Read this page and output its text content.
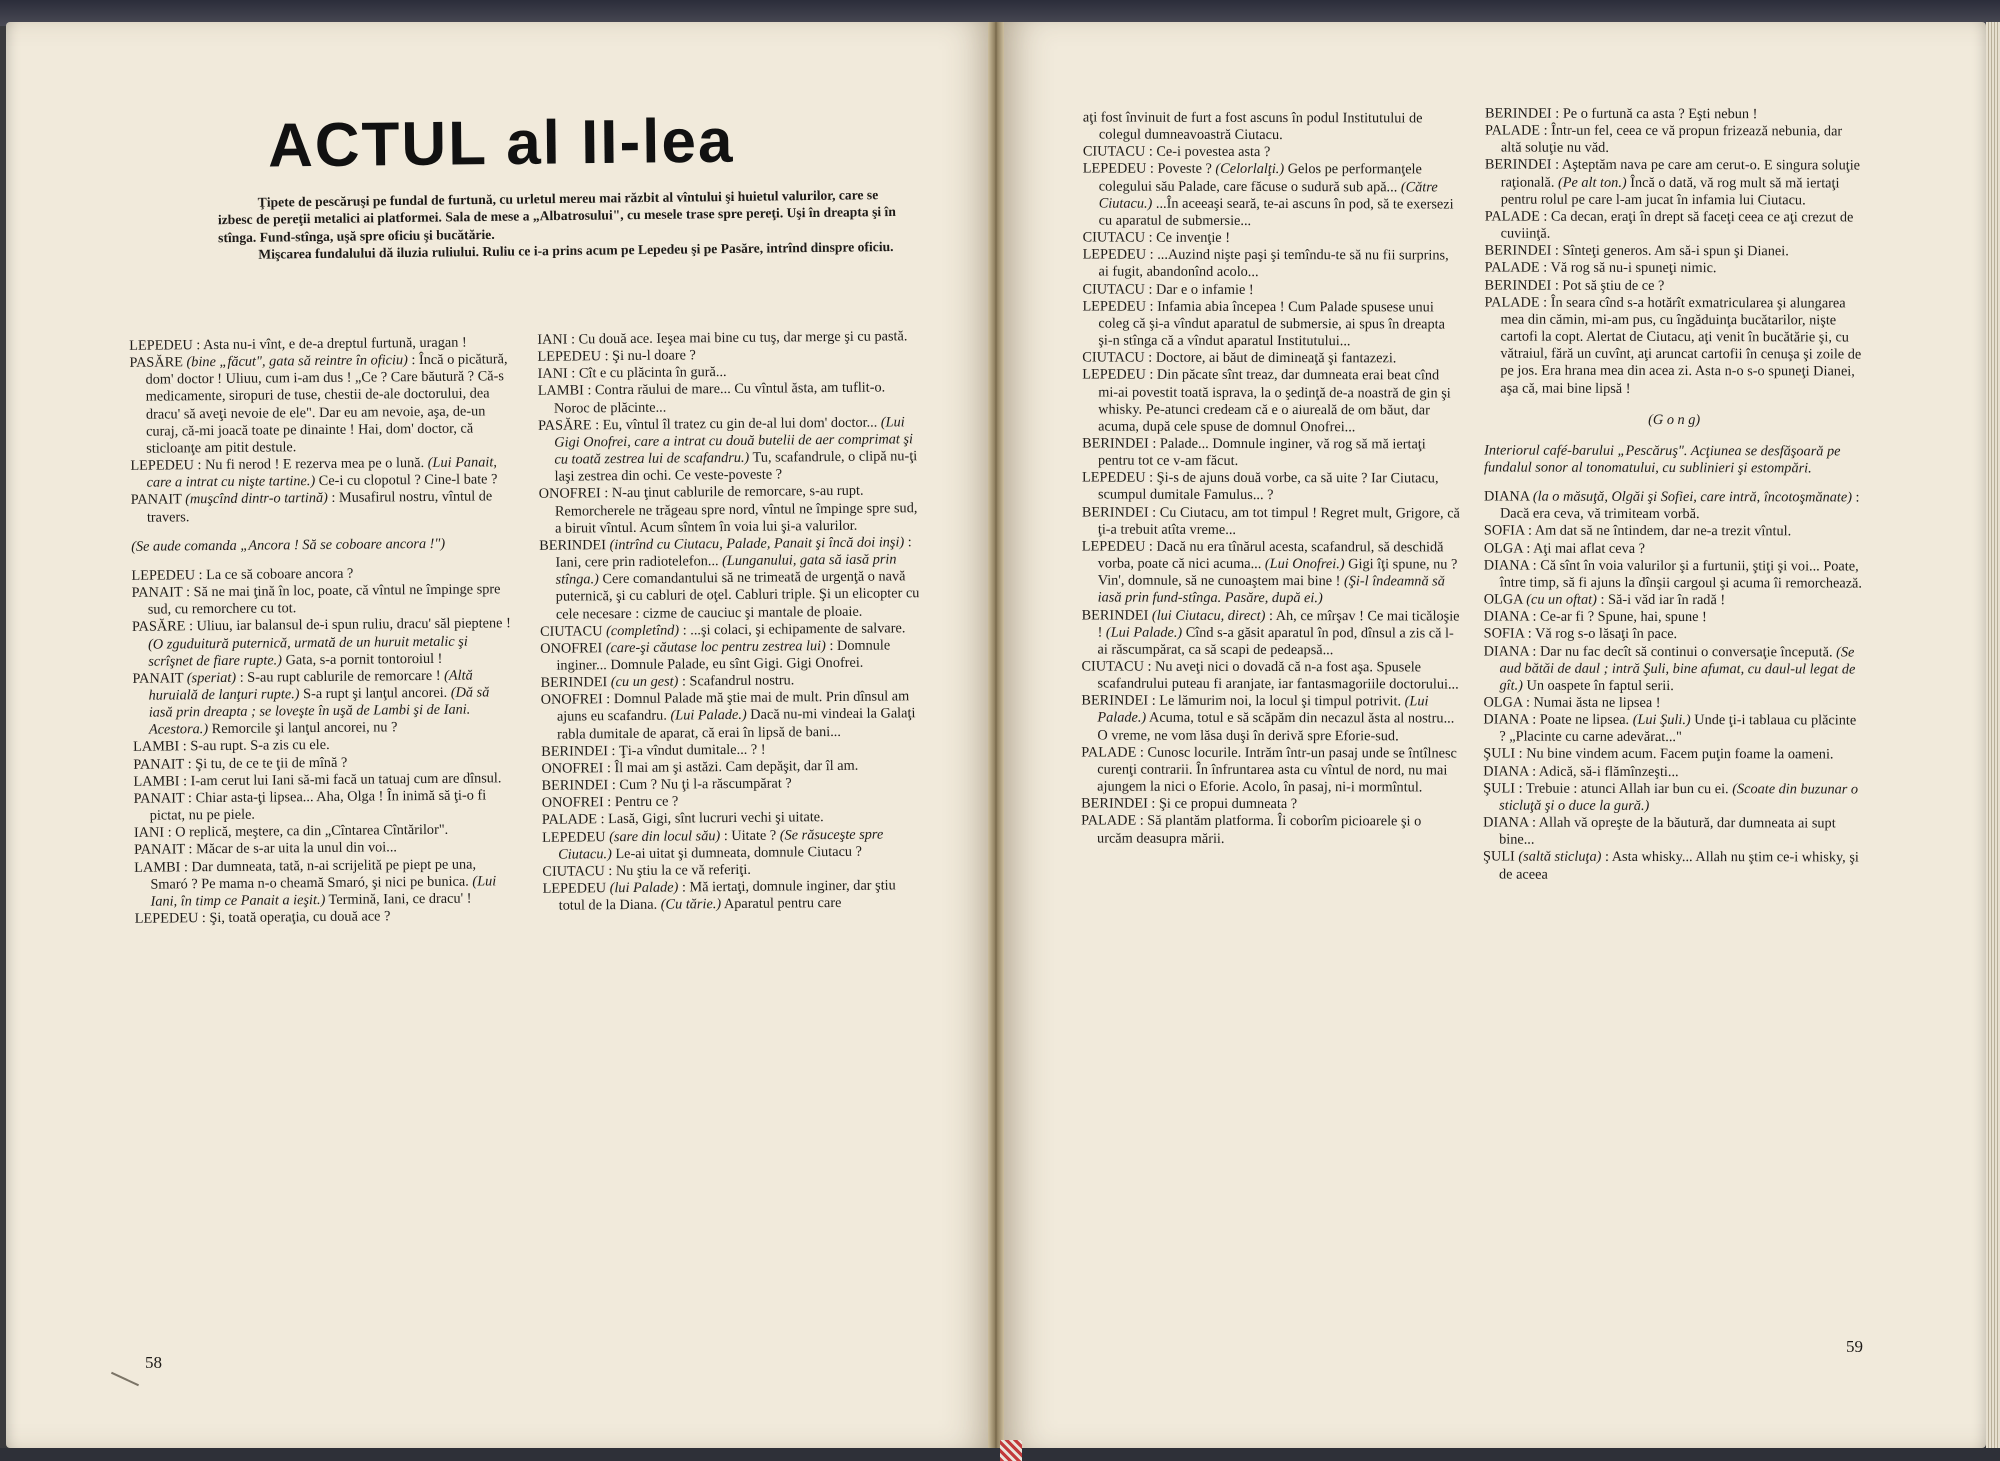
ACTUL al II-lea

Ţipete de pescăruşi pe fundal de furtună, cu urletul mereu mai răzbit al vîntului şi huietul valurilor, care se izbesc de pereţii metalici ai platformei. Sala de mese a „Albatrosului", cu mesele trase spre pereţi. Uşi în dreapta şi în stînga. Fund-stînga, uşă spre oficiu şi bucătărie.

Mişcarea fundalului dă iluzia ruliului. Ruliu ce i-a prins acum pe Lepedeu şi pe Pasăre, intrînd dinspre oficiu.

LEPEDEU : Asta nu-i vînt, e de-a dreptul furtună, uragan !

PASĂRE (bine „făcut", gata să reintre în oficiu) : Încă o picătură, dom' doctor ! Uliuu, cum i-am dus ! „Ce ? Care băutură ? Că-s medicamente, siropuri de tuse, chestii de-ale doctorului, dea dracu' să aveţi nevoie de ele". Dar eu am nevoie, aşa, de-un curaj, că-mi joacă toate pe dinainte ! Hai, dom' doctor, că sticloanţe am pitit destule.

LEPEDEU : Nu fi nerod ! E rezerva mea pe o lună. (Lui Panait, care a intrat cu nişte tartine.) Ce-i cu clopotul ? Cine-l bate ?

PANAIT (muşcînd dintr-o tartină) : Musafirul nostru, vîntul de travers.

(Se aude comanda „Ancora ! Să se coboare ancora !")

LEPEDEU : La ce să coboare ancora ?

PANAIT : Să ne mai ţină în loc, poate, că vîntul ne împinge spre sud, cu remorchere cu tot.

PASĂRE : Uliuu, iar balansul de-i spun ruliu, dracu' săl pieptene ! (O zguduitură puternică, urmată de un huruit metalic şi scrîşnet de fiare rupte.) Gata, s-a pornit tontoroiul !

PANAIT (speriat) : S-au rupt cablurile de remorcare ! (Altă huruială de lanţuri rupte.) S-a rupt şi lanţul ancorei. (Dă să iasă prin dreapta ; se loveşte în uşă de Lambi şi de Iani. Acestora.) Remorcile şi lanţul ancorei, nu ?

LAMBI : S-au rupt. S-a zis cu ele.

PANAIT : Şi tu, de ce te ţii de mînă ?

LAMBI : I-am cerut lui Iani să-mi facă un tatuaj cum are dînsul.

PANAIT : Chiar asta-ţi lipsea... Aha, Olga ! În inimă să ţi-o fi pictat, nu pe piele.

IANI : O replică, meştere, ca din „Cîntarea Cîntărilor".

PANAIT : Măcar de s-ar uita la unul din voi...

LAMBI : Dar dumneata, tată, n-ai scrijelită pe piept pe una, Smaró ? Pe mama n-o cheamă Smaró, şi nici pe bunica. (Lui Iani, în timp ce Panait a ieşit.) Termină, Iani, ce dracu' !

LEPEDEU : Şi, toată operaţia, cu două ace ?

IANI : Cu două ace. Ieşea mai bine cu tuş, dar merge şi cu pastă.

LEPEDEU : Şi nu-l doare ?

IANI : Cît e cu plăcinta în gură...

LAMBI : Contra răului de mare... Cu vîntul ăsta, am tuflit-o. Noroc de plăcinte...

PASĂRE : Eu, vîntul îl tratez cu gin de-al lui dom' doctor... (Lui Gigi Onofrei, care a intrat cu două butelii de aer comprimat şi cu toată zestrea lui de scafandru.) Tu, scafandrule, o clipă nu-ţi laşi zestrea din ochi. Ce veste-poveste ?

ONOFREI : N-au ţinut cablurile de remorcare, s-au rupt. Remorcherele ne trăgeau spre nord, vîntul ne împinge spre sud, a biruit vîntul. Acum sîntem în voia lui şi-a valurilor.

BERINDEI (intrînd cu Ciutacu, Palade, Panait şi încă doi inşi) : Iani, cere prin radiotelefon... (Lunganului, gata să iasă prin stînga.) Cere comandantului să ne trimeată de urgenţă o navă puternică, şi cu cabluri de oţel. Cabluri triple. Şi un elicopter cu cele necesare : cizme de cauciuc şi mantale de ploaie.

CIUTACU (completînd) : ...şi colaci, şi echipamente de salvare.

ONOFREI (care-şi căutase loc pentru zestrea lui) : Domnule inginer... Domnule Palade, eu sînt Gigi. Gigi Onofrei.

BERINDEI (cu un gest) : Scafandrul nostru.

ONOFREI : Domnul Palade mă ştie mai de mult. Prin dînsul am ajuns eu scafandru. (Lui Palade.) Dacă nu-mi vindeai la Galaţi rabla dumitale de aparat, că erai în lipsă de bani...

BERINDEI : Ţi-a vîndut dumitale... ? !

ONOFREI : Îl mai am şi astăzi. Cam depăşit, dar îl am.

BERINDEI : Cum ? Nu ţi l-a răscumpărat ?

ONOFREI : Pentru ce ?

PALADE : Lasă, Gigi, sînt lucruri vechi şi uitate.

LEPEDEU (sare din locul său) : Uitate ? (Se răsuceşte spre Ciutacu.) Le-ai uitat şi dumneata, domnule Ciutacu ?

CIUTACU : Nu ştiu la ce vă referiţi.

LEPEDEU (lui Palade) : Mă iertaţi, domnule inginer, dar ştiu totul de la Diana. (Cu tărie.) Aparatul pentru care

aţi fost învinuit de furt a fost ascuns în podul Institutului de colegul dumneavoastră Ciutacu.

CIUTACU : Ce-i povestea asta ?

LEPEDEU : Poveste ? (Celorlalţi.) Gelos pe performanţele colegului său Palade, care făcuse o sudură sub apă... (Către Ciutacu.) ...În aceeaşi seară, te-ai ascuns în pod, să te exersezi cu aparatul de submersie...

CIUTACU : Ce invenţie !

LEPEDEU : ...Auzind nişte paşi şi temîndu-te să nu fii surprins, ai fugit, abandonînd acolo...

CIUTACU : Dar e o infamie !

LEPEDEU : Infamia abia începea ! Cum Palade spusese unui coleg că şi-a vîndut aparatul de submersie, ai spus în dreapta şi-n stînga că a vîndut aparatul Institutului...

CIUTACU : Doctore, ai băut de dimineaţă şi fantazezi.

LEPEDEU : Din păcate sînt treaz, dar dumneata erai beat cînd mi-ai povestit toată isprava, la o şedinţă de-a noastră de gin şi whisky. Pe-atunci credeam că e o aiureală de om băut, dar acuma, după cele spuse de domnul Onofrei...

BERINDEI : Palade... Domnule inginer, vă rog să mă iertaţi pentru tot ce v-am făcut.

LEPEDEU : Şi-s de ajuns două vorbe, ca să uite ? Iar Ciutacu, scumpul dumitale Famulus... ?

BERINDEI : Cu Ciutacu, am tot timpul ! Regret mult, Grigore, că ţi-a trebuit atîta vreme...

LEPEDEU : Dacă nu era tînărul acesta, scafandrul, să deschidă vorba, poate că nici acuma... (Lui Onofrei.) Gigi îţi spune, nu ? Vin', domnule, să ne cunoaştem mai bine ! (Şi-l îndeamnă să iasă prin fund-stînga. Pasăre, după ei.)

BERINDEI (lui Ciutacu, direct) : Ah, ce mîrşav ! Ce mai ticăloşie ! (Lui Palade.) Cînd s-a găsit aparatul în pod, dînsul a zis că l-ai răscumpărat, ca să scapi de pedeapsă...

CIUTACU : Nu aveţi nici o dovadă că n-a fost aşa. Spusele scafandrului puteau fi aranjate, iar fantasmagoriile doctorului...

BERINDEI : Le lămurim noi, la locul şi timpul potrivit. (Lui Palade.) Acuma, totul e să scăpăm din necazul ăsta al nostru... O vreme, ne vom lăsa duşi în derivă spre Eforie-sud.

PALADE : Cunosc locurile. Intrăm într-un pasaj unde se întîlnesc curenţi contrarii. În înfruntarea asta cu vîntul de nord, nu mai ajungem la nici o Eforie. Acolo, în pasaj, ni-i mormîntul.

BERINDEI : Şi ce propui dumneata ?

PALADE : Să plantăm platforma. Îi coborîm picioarele şi o urcăm deasupra mării.

BERINDEI : Pe o furtună ca asta ? Eşti nebun !

PALADE : Într-un fel, ceea ce vă propun frizează nebunia, dar altă soluţie nu văd.

BERINDEI : Aşteptăm nava pe care am cerut-o. E singura soluţie raţională. (Pe alt ton.) Încă o dată, vă rog mult să mă iertaţi pentru rolul pe care l-am jucat în infamia lui Ciutacu.

PALADE : Ca decan, eraţi în drept să faceţi ceea ce aţi crezut de cuviinţă.

BERINDEI : Sînteţi generos. Am să-i spun şi Dianei.

PALADE : Vă rog să nu-i spuneţi nimic.

BERINDEI : Pot să ştiu de ce ?

PALADE : În seara cînd s-a hotărît exmatricularea şi alungarea mea din cămin, mi-am pus, cu îngăduinţa bucătarilor, nişte cartofi la copt. Alertat de Ciutacu, aţi venit în bucătărie şi, cu vătraiul, fără un cuvînt, aţi aruncat cartofii în cenuşa şi zoile de pe jos. Era hrana mea din acea zi. Asta n-o s-o spuneţi Dianei, aşa că, mai bine lipsă !

(G o n g)

Interiorul café-barului „Pescăruş". Acţiunea se desfăşoară pe fundalul sonor al tonomatului, cu sublinieri şi estompări.

DIANA (la o măsuţă, Olgăi şi Sofiei, care intră, încotoşmănate) : Dacă era ceva, vă trimiteam vorbă.

SOFIA : Am dat să ne întindem, dar ne-a trezit vîntul.

OLGA : Aţi mai aflat ceva ?

DIANA : Că sînt în voia valurilor şi a furtunii, ştiţi şi voi... Poate, între timp, să fi ajuns la dînşii cargoul şi acuma îi remorchează.

OLGA (cu un oftat) : Să-i văd iar în radă !

DIANA : Ce-ar fi ? Spune, hai, spune !

SOFIA : Vă rog s-o lăsaţi în pace.

DIANA : Dar nu fac decît să continui o conversaţie începută. (Se aud bătăi de daul ; intră Şuli, bine afumat, cu daul-ul legat de gît.) Un oaspete în faptul serii.

OLGA : Numai ăsta ne lipsea !

DIANA : Poate ne lipsea. (Lui Şuli.) Unde ţi-i tablaua cu plăcinte ? „Placinte cu carne adevărat..."

ŞULI : Nu bine vindem acum. Facem puţin foame la oameni.

DIANA : Adică, să-i flămînzeşti...

ŞULI : Trebuie : atunci Allah iar bun cu ei. (Scoate din buzunar o sticluţă şi o duce la gură.)

DIANA : Allah vă opreşte de la băutură, dar dumneata ai supt bine...

ŞULI (saltă sticluţa) : Asta whisky... Allah nu ştim ce-i whisky, şi de aceea

58
59
